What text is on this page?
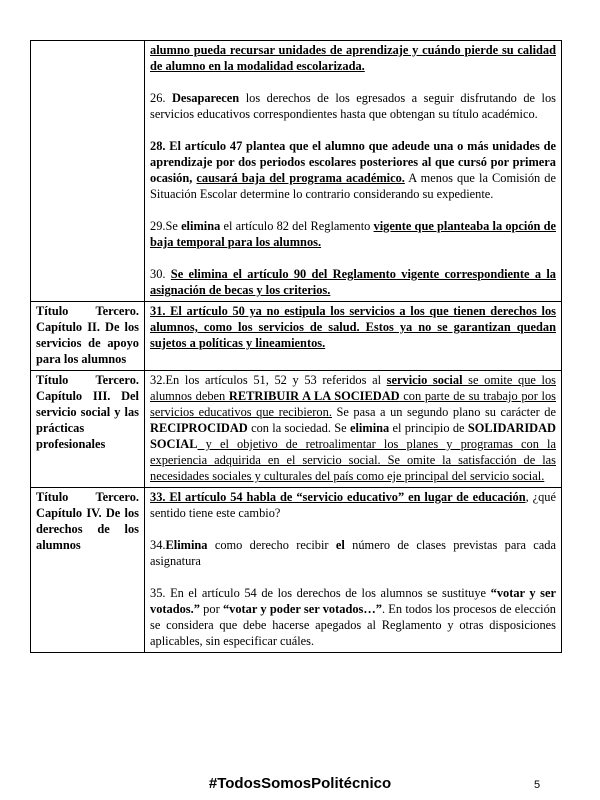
	alumno pueda recursar unidades de aprendizaje y cuándo pierde su calidad de alumno en la modalidad escolarizada.

26. Desaparecen los derechos de los egresados a seguir disfrutando de los servicios educativos correspondientes hasta que obtengan su título académico.

28. El artículo 47 plantea que el alumno que adeude una o más unidades de aprendizaje por dos periodos escolares posteriores al que cursó por primera ocasión, causará baja del programa académico. A menos que la Comisión de Situación Escolar determine lo contrario considerando su expediente.

29.Se elimina el artículo 82 del Reglamento vigente que planteaba la opción de baja temporal para los alumnos.

30. Se elimina el artículo 90 del Reglamento vigente correspondiente a la asignación de becas y los criterios.

Título Tercero. Capítulo II. De los servicios de apoyo para los alumnos	31. El artículo 50 ya no estipula los servicios a los que tienen derechos los alumnos, como los servicios de salud. Estos ya no se garantizan quedan sujetos a políticas y lineamientos.

Título Tercero. Capítulo III. Del servicio social y las prácticas profesionales	32.En los artículos 51, 52 y 53 referidos al servicio social se omite que los alumnos deben RETRIBUIR A LA SOCIEDAD con parte de su trabajo por los servicios educativos que recibieron. Se pasa a un segundo plano su carácter de RECIPROCIDAD con la sociedad. Se elimina el principio de SOLIDARIDAD SOCIAL y el objetivo de retroalimentar los planes y programas con la experiencia adquirida en el servicio social. Se omite la satisfacción de las necesidades sociales y culturales del país como eje principal del servicio social.

Título Tercero. Capítulo IV. De los derechos de los alumnos	33. El artículo 54 habla de “servicio educativo” en lugar de educación, ¿qué sentido tiene este cambio?

34.Elimina como derecho recibir el número de clases previstas para cada asignatura

35. En el artículo 54 de los derechos de los alumnos se sustituye “votar y ser votados.” por “votar y poder ser votados…”. En todos los procesos de elección se considera que debe hacerse apegados al Reglamento y otras disposiciones aplicables, sin especificar cuáles.

#TodosSomosPolitécnico	5
